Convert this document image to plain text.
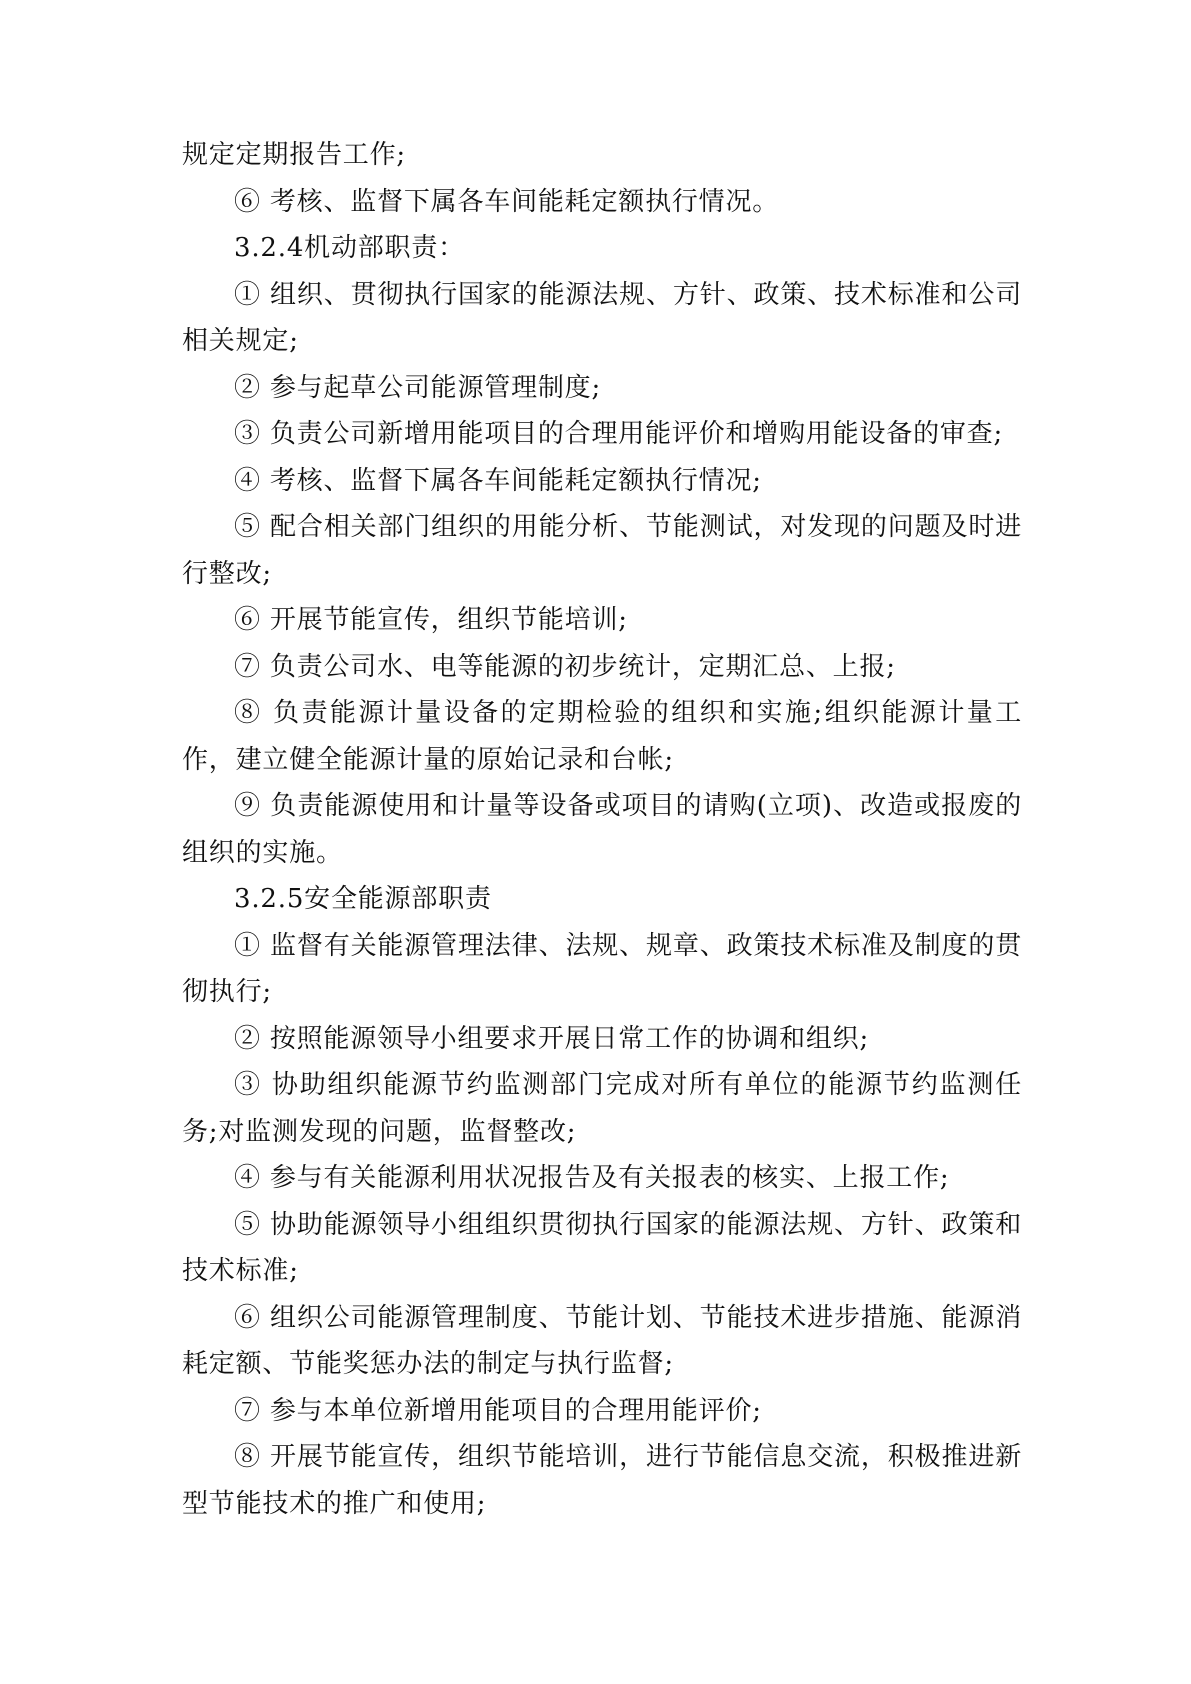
规定定期报告工作;

⑥ 考核、监督下属各车间能耗定额执行情况。

3.2.4机动部职责：

① 组织、贯彻执行国家的能源法规、方针、政策、技术标准和公司相关规定;

② 参与起草公司能源管理制度;

③ 负责公司新增用能项目的合理用能评价和增购用能设备的审查;

④ 考核、监督下属各车间能耗定额执行情况;

⑤ 配合相关部门组织的用能分析、节能测试，对发现的问题及时进行整改;

⑥ 开展节能宣传，组织节能培训;

⑦ 负责公司水、电等能源的初步统计，定期汇总、上报;

⑧ 负责能源计量设备的定期检验的组织和实施;组织能源计量工作，建立健全能源计量的原始记录和台帐;

⑨ 负责能源使用和计量等设备或项目的请购(立项)、改造或报废的组织的实施。

3.2.5安全能源部职责

① 监督有关能源管理法律、法规、规章、政策技术标准及制度的贯彻执行;

② 按照能源领导小组要求开展日常工作的协调和组织;

③ 协助组织能源节约监测部门完成对所有单位的能源节约监测任务;对监测发现的问题，监督整改;

④ 参与有关能源利用状况报告及有关报表的核实、上报工作;

⑤ 协助能源领导小组组织贯彻执行国家的能源法规、方针、政策和技术标准;

⑥ 组织公司能源管理制度、节能计划、节能技术进步措施、能源消耗定额、节能奖惩办法的制定与执行监督;

⑦ 参与本单位新增用能项目的合理用能评价;

⑧ 开展节能宣传，组织节能培训，进行节能信息交流，积极推进新型节能技术的推广和使用;
